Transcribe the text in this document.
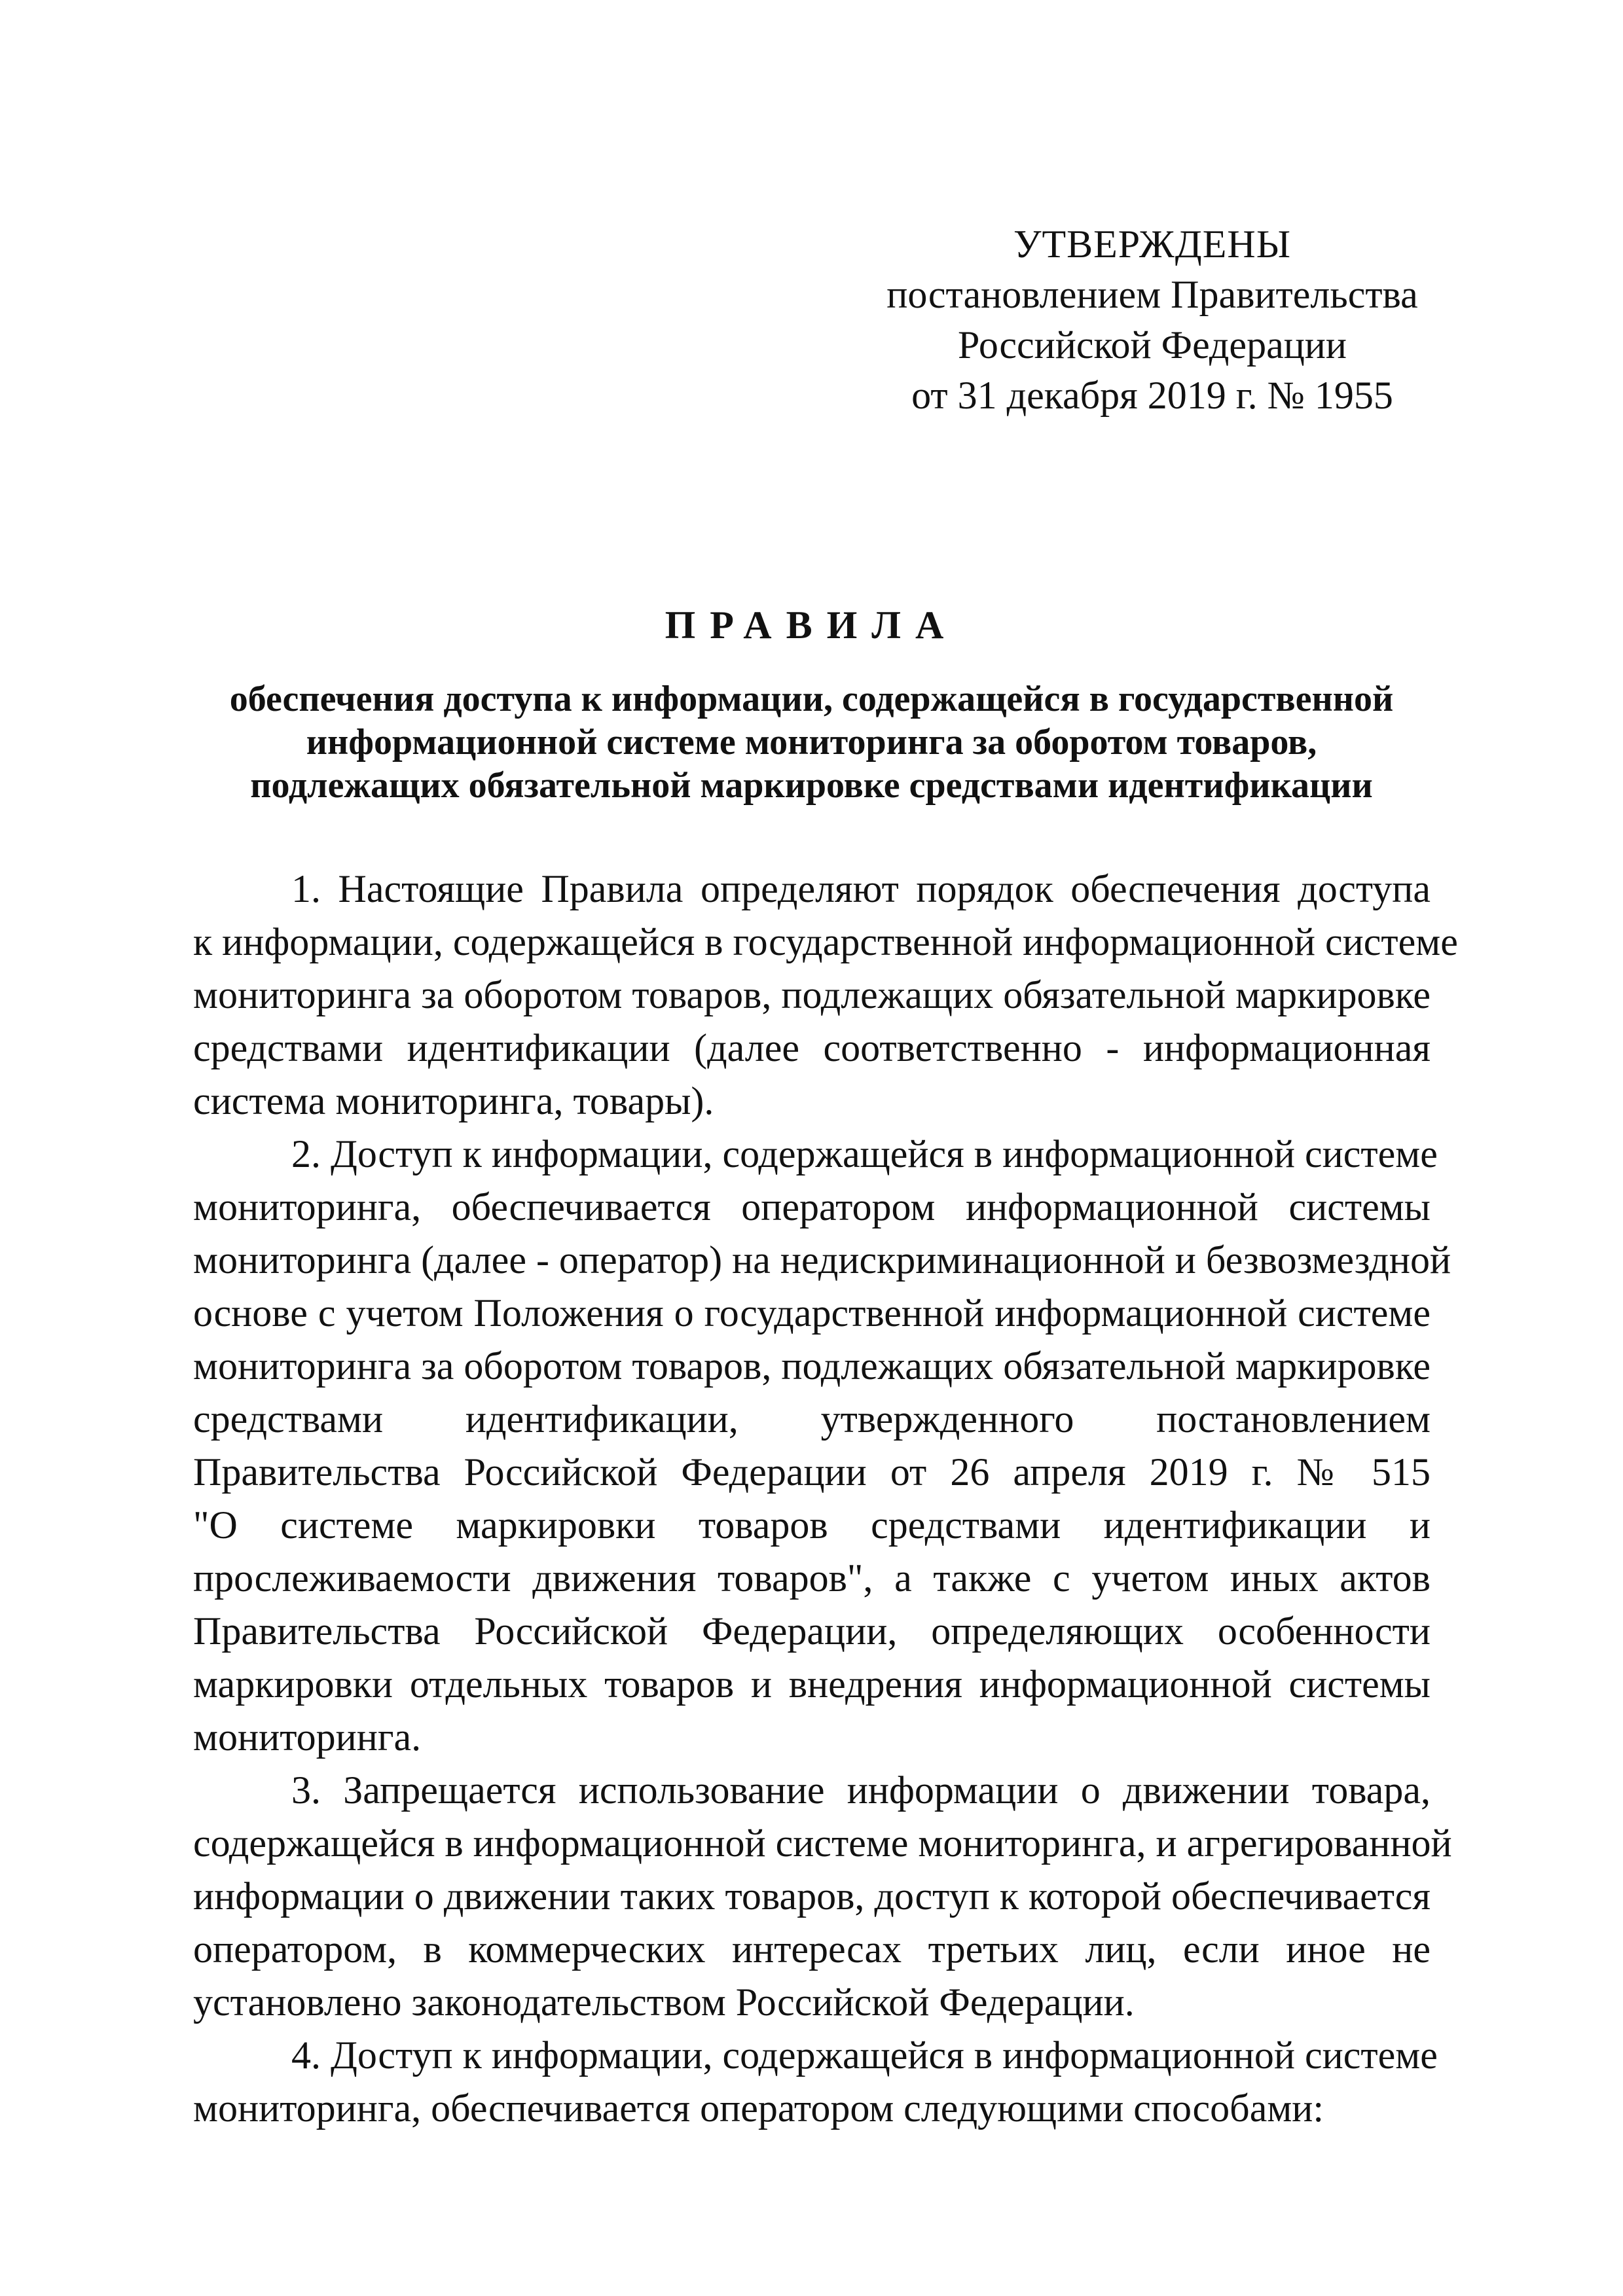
УТВЕРЖДЕНЫ
постановлением Правительства
Российской Федерации
от 31 декабря 2019 г. № 1955
ПРАВИЛА
обеспечения доступа к информации, содержащейся в государственной
информационной системе мониторинга за оборотом товаров,
подлежащих обязательной маркировке средствами идентификации
1. Настоящие Правила определяют порядок обеспечения доступа
к информации, содержащейся в государственной информационной системе
мониторинга за оборотом товаров, подлежащих обязательной маркировке
средствами идентификации (далее соответственно - информационная
система мониторинга, товары).
2. Доступ к информации, содержащейся в информационной системе
мониторинга, обеспечивается оператором информационной системы
мониторинга (далее - оператор) на недискриминационной и безвозмездной
основе с учетом Положения о государственной информационной системе
мониторинга за оборотом товаров, подлежащих обязательной маркировке
средствами идентификации, утвержденного постановлением
Правительства Российской Федерации от 26 апреля 2019 г. № 515
"О системе маркировки товаров средствами идентификации и
прослеживаемости движения товаров", а также с учетом иных актов
Правительства Российской Федерации, определяющих особенности
маркировки отдельных товаров и внедрения информационной системы
мониторинга.
3. Запрещается использование информации о движении товара,
содержащейся в информационной системе мониторинга, и агрегированной
информации о движении таких товаров, доступ к которой обеспечивается
оператором, в коммерческих интересах третьих лиц, если иное не
установлено законодательством Российской Федерации.
4. Доступ к информации, содержащейся в информационной системе
мониторинга, обеспечивается оператором следующими способами:
